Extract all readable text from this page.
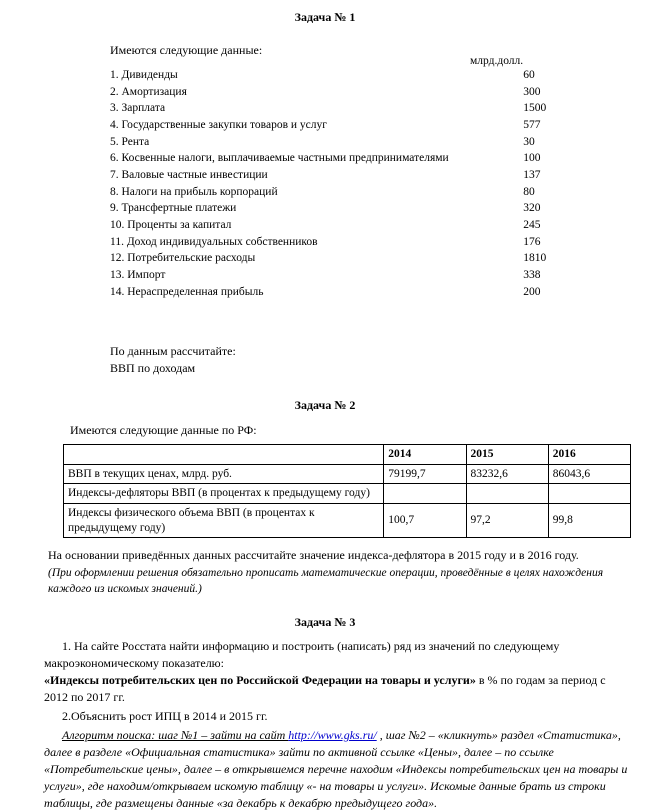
Задача № 1
млрд.долл.

Имеются следующие данные:

1. Дивиденды	60
2. Амортизация	300
3. Зарплата	1500
4. Государственные закупки товаров и услуг	577
5. Рента	30
6. Косвенные налоги, выплачиваемые частными предпринимателями	100
7. Валовые частные инвестиции	137
8. Налоги на прибыль корпораций	80
9. Трансфертные платежи	320
10. Проценты за капитал	245
11. Доход индивидуальных собственников	176
12. Потребительские расходы	1810
13. Импорт	338
14. Нераспределенная прибыль	200
По данным рассчитайте:
ВВП по доходам
Задача № 2
Имеются следующие данные по РФ:
	2014	2015	2016
ВВП в текущих ценах, млрд. руб.	79199,7	83232,6	86043,6
Индексы-дефляторы ВВП (в процентах к предыдущему году)			
Индексы физического объема ВВП (в процентах к предыдущему году)	100,7	97,2	99,8
На основании приведённых данных рассчитайте значение индекса-дефлятора в 2015 году и в 2016 году.
(При оформлении решения обязательно прописать математические операции, проведённые в целях нахождения каждого из искомых значений.)
Задача № 3

1. На сайте Росстата найти информацию и построить (написать) ряд из значений по следующему макроэкономическому показателю:
«Индексы потребительских цен по Российской Федерации на товары и услуги» в % по годам за период с 2012 по 2017 гг.

2.Объяснить рост ИПЦ в 2014 и 2015 гг.

Алгоритм поиска: шаг №1 – зайти на сайт http://www.gks.ru/ , шаг №2 – «кликнуть» раздел «Статистика», далее в разделе «Официальная статистика» зайти по активной ссылке «Цены», далее – по ссылке «Потребительские цены», далее – в открывшемся перечне находим «Индексы потребительских цен на товары и услуги», где находим/открываем искомую таблицу «- на товары и услуги». Искомые данные брать из строки таблицы, где размещены данные «за декабрь к декабрю предыдущего года».
